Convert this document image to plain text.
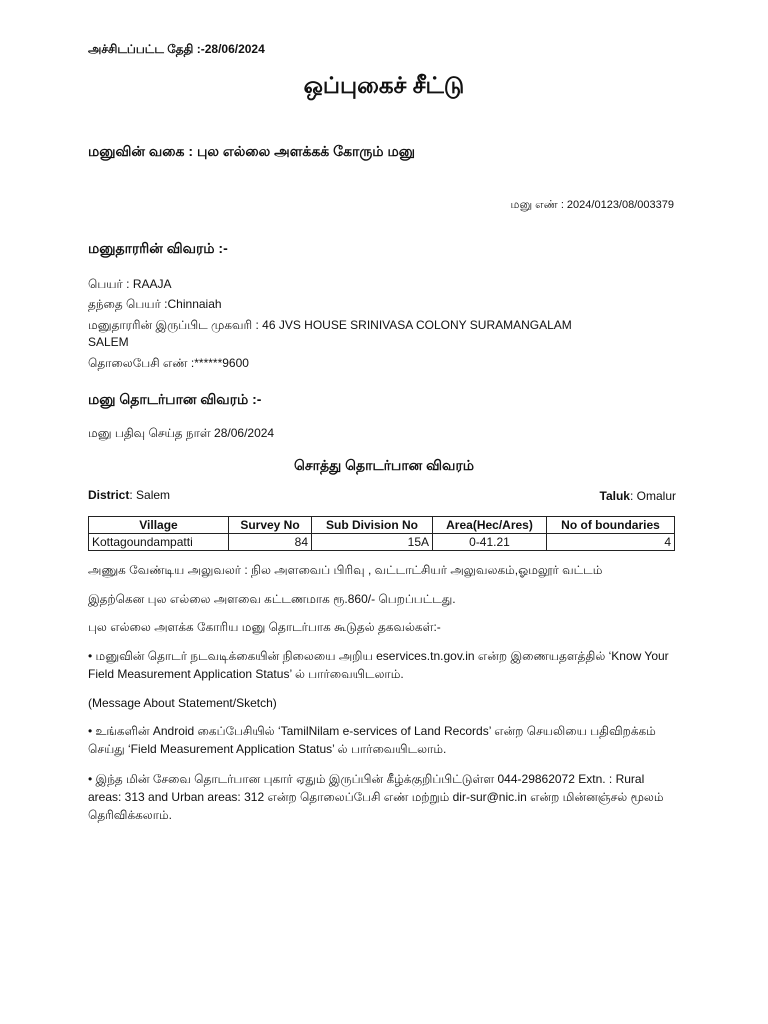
அச்சிடப்பட்ட தேதி :-28/06/2024
ஒப்புகைச் சீட்டு
மனுவின் வகை : புல எல்லை அளக்கக் கோரும் மனு
மனு எண் : 2024/0123/08/003379
மனுதாரரின் விவரம் :-
பெயர் : RAAJA
தந்தை பெயர் :Chinnaiah
மனுதாரரின் இருப்பிட முகவரி : 46 JVS HOUSE SRINIVASA COLONY SURAMANGALAM
SALEM
தொலைபேசி எண் :******9600
மனு தொடர்பான விவரம் :-
மனு பதிவு செய்த நாள் 28/06/2024
சொத்து தொடர்பான விவரம்
District: Salem	Taluk: Omalur
Village	Survey No	Sub Division No	Area(Hec/Ares)	No of boundaries
Kottagoundampatti	84	15A	0-41.21	4
அணுக வேண்டிய அலுவலர் : நில அளவைப் பிரிவு , வட்டாட்சியர் அலுவலகம்,ஓமலூர் வட்டம்
இதற்கென புல எல்லை அளவை கட்டணமாக ரூ.860/- பெறப்பட்டது.
புல எல்லை அளக்க கோரிய மனு தொடர்பாக கூடுதல் தகவல்கள்:-
• மனுவின் தொடர் நடவடிக்கையின் நிலையை அறிய eservices.tn.gov.in என்ற இணையதளத்தில் ‘Know Your Field Measurement Application Status’ ல் பார்வையிடலாம்.
(Message About Statement/Sketch)
• உங்களின் Android கைப்பேசியில் ‘TamilNilam e-services of Land Records’ என்ற செயலியை பதிவிறக்கம் செய்து ‘Field Measurement Application Status’ ல் பார்வையிடலாம்.
• இந்த மின் சேவை தொடர்பான புகார் ஏதும் இருப்பின் கீழ்க்குறிப்பிட்டுள்ள 044-29862072 Extn. : Rural areas: 313 and Urban areas: 312 என்ற தொலைப்பேசி எண் மற்றும் dir-sur@nic.in என்ற மின்னஞ்சல் மூலம் தெரிவிக்கலாம்.
